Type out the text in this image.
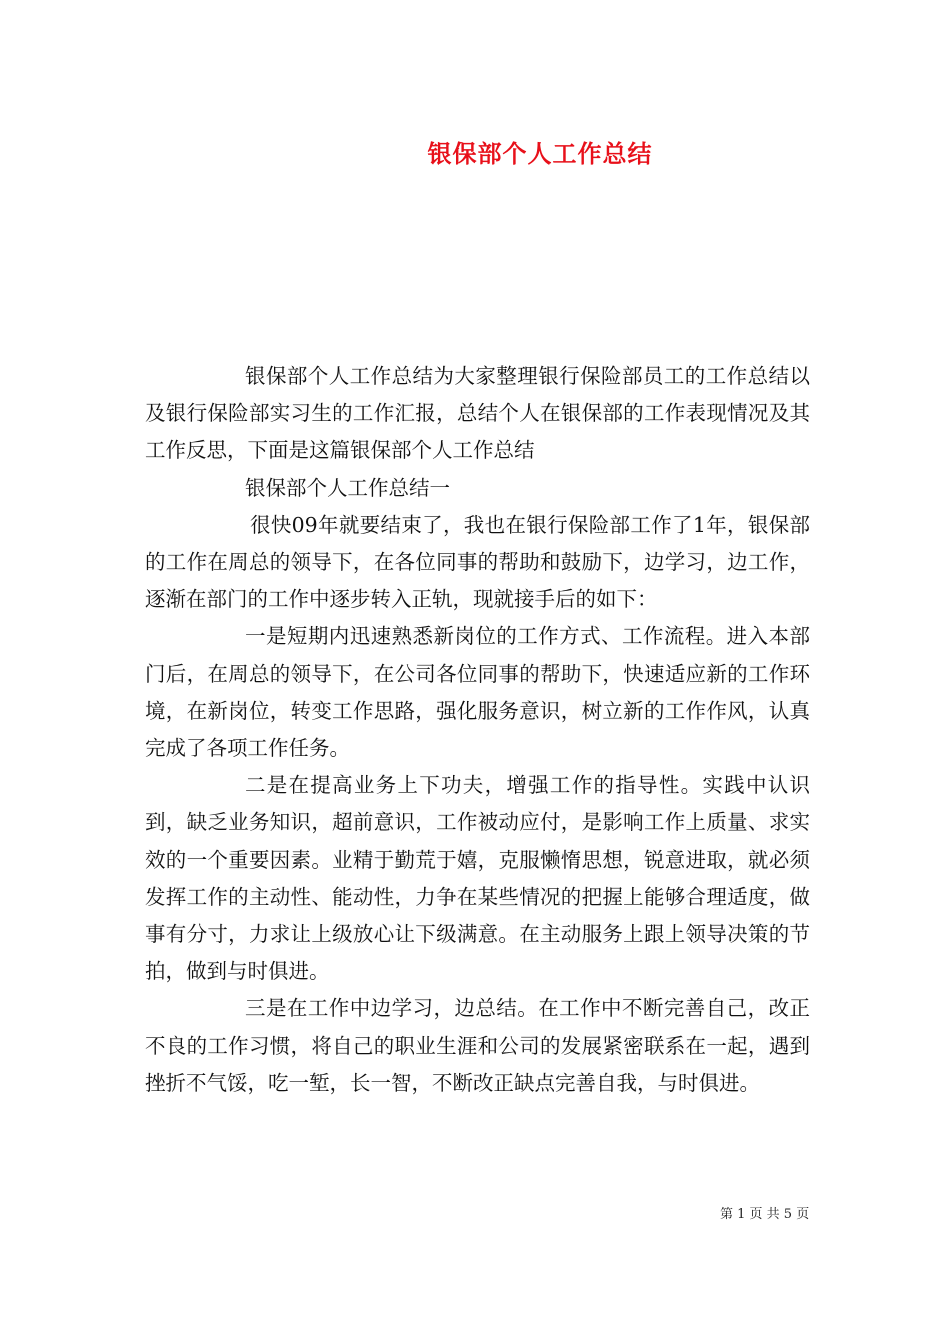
银保部个人工作总结

银保部个人工作总结为大家整理银行保险部员工的工作总结以及银行保险部实习生的工作汇报，总结个人在银保部的工作表现情况及其工作反思，下面是这篇银保部个人工作总结

银保部个人工作总结一

很快09年就要结束了，我也在银行保险部工作了1年，银保部的工作在周总的领导下，在各位同事的帮助和鼓励下，边学习，边工作，逐渐在部门的工作中逐步转入正轨，现就接手后的如下：

一是短期内迅速熟悉新岗位的工作方式、工作流程。进入本部门后，在周总的领导下，在公司各位同事的帮助下，快速适应新的工作环境，在新岗位，转变工作思路，强化服务意识，树立新的工作作风，认真完成了各项工作任务。

二是在提高业务上下功夫，增强工作的指导性。实践中认识到，缺乏业务知识，超前意识，工作被动应付，是影响工作上质量、求实效的一个重要因素。业精于勤荒于嬉，克服懒惰思想，锐意进取，就必须发挥工作的主动性、能动性，力争在某些情况的把握上能够合理适度，做事有分寸，力求让上级放心让下级满意。在主动服务上跟上领导决策的节拍，做到与时俱进。

三是在工作中边学习，边总结。在工作中不断完善自己，改正不良的工作习惯，将自己的职业生涯和公司的发展紧密联系在一起，遇到挫折不气馁，吃一堑，长一智，不断改正缺点完善自我，与时俱进。

第 1 页 共 5 页
